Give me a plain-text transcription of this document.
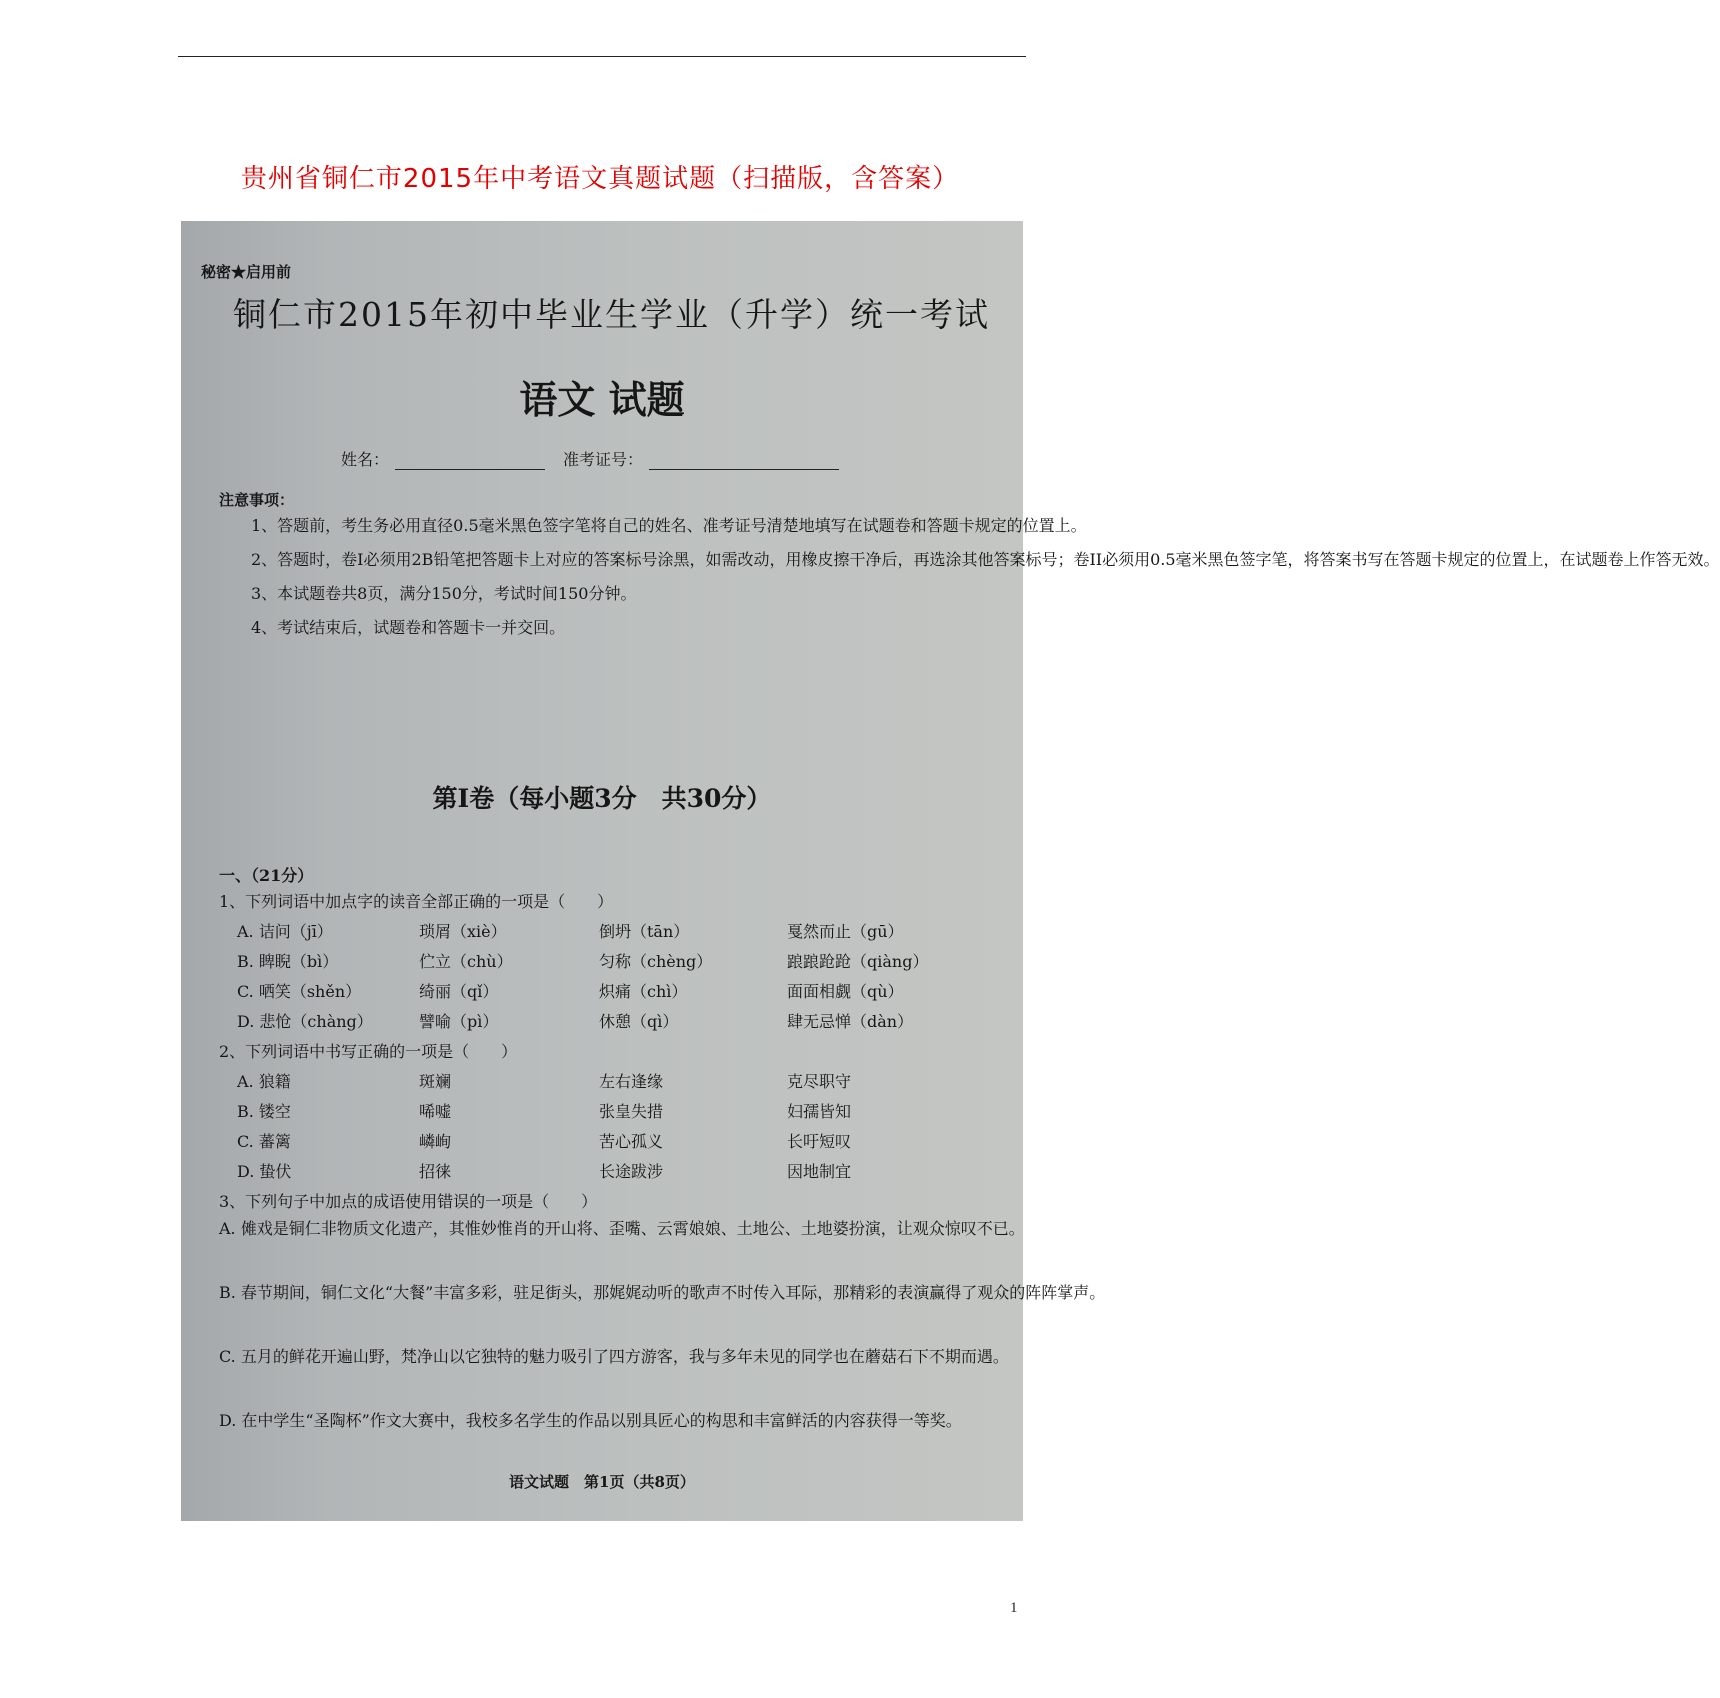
贵州省铜仁市2015年中考语文真题试题（扫描版，含答案）
秘密★启用前
铜仁市2015年初中毕业生学业（升学）统一考试
语文 试题
姓名：	准考证号：
注意事项：

1、答题前，考生务必用直径0.5毫米黑色签字笔将自己的姓名、准考证号清楚地填写在试题卷和答题卡规定的位置上。

2、答题时，卷I必须用2B铅笔把答题卡上对应的答案标号涂黑，如需改动，用橡皮擦干净后，再选涂其他答案标号；卷II必须用0.5毫米黑色签字笔，将答案书写在答题卡规定的位置上，在试题卷上作答无效。

3、本试题卷共8页，满分150分，考试时间150分钟。

4、考试结束后，试题卷和答题卡一并交回。

第I卷（每小题3分　共30分）
一、（21分）
1、下列词语中加点字的读音全部正确的一项是（　　）
A. 诘问（jī）	琐屑（xiè）	倒坍（tān）	戛然而止（gū）
B. 睥睨（bì）	伫立（chù）	匀称（chèng）	踉踉跄跄（qiàng）
C. 哂笑（shěn）	绮丽（qǐ）	炽痛（chì）	面面相觑（qù）
D. 悲怆（chàng）	譬喻（pì）	休憩（qì）	肆无忌惮（dàn）
2、下列词语中书写正确的一项是（　　）
A. 狼籍	斑斓	左右逢缘	克尽职守
B. 镂空	唏嘘	张皇失措	妇孺皆知
C. 蕃篱	嶙峋	苦心孤义	长吁短叹
D. 蛰伏	招徕	长途跋涉	因地制宜
3、下列句子中加点的成语使用错误的一项是（　　）
A. 傩戏是铜仁非物质文化遗产，其惟妙惟肖的开山将、歪嘴、云霄娘娘、土地公、土地婆扮演，让观众惊叹不已。
B. 春节期间，铜仁文化“大餐”丰富多彩，驻足街头，那娓娓动听的歌声不时传入耳际，那精彩的表演赢得了观众的阵阵掌声。
C. 五月的鲜花开遍山野，梵净山以它独特的魅力吸引了四方游客，我与多年未见的同学也在蘑菇石下不期而遇。
D. 在中学生“圣陶杯”作文大赛中，我校多名学生的作品以别具匠心的构思和丰富鲜活的内容获得一等奖。
语文试题　第1页（共8页）
1
